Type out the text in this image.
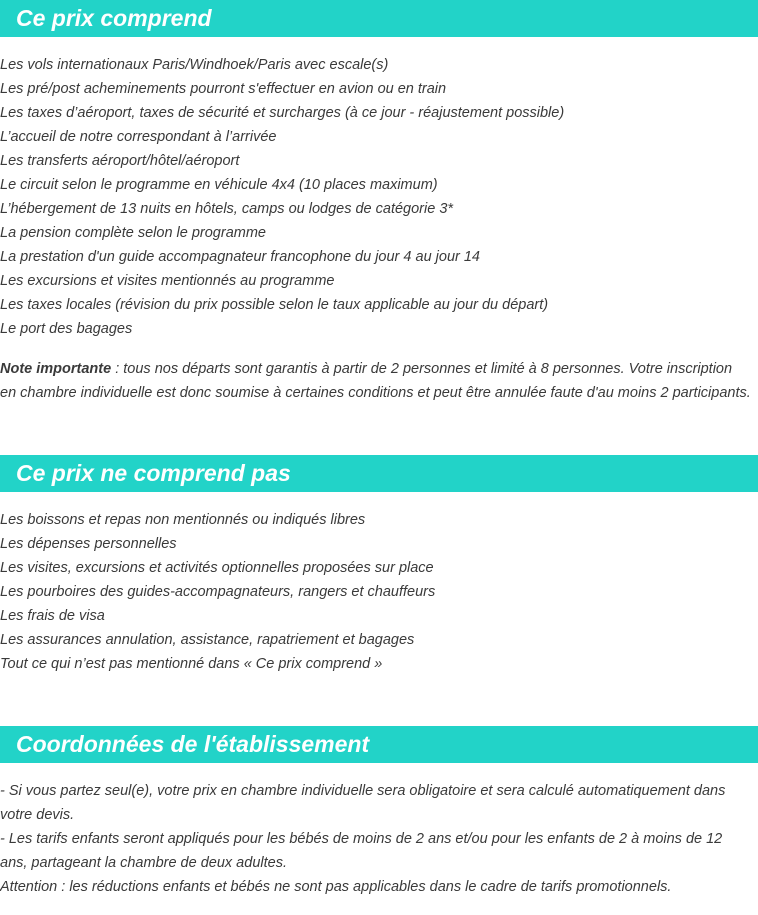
Ce prix comprend
Les vols internationaux Paris/Windhoek/Paris avec escale(s)
Les pré/post acheminements pourront s'effectuer en avion ou en train
Les taxes d’aéroport, taxes de sécurité et surcharges (à ce jour - réajustement possible)
L’accueil de notre correspondant à l’arrivée
Les transferts aéroport/hôtel/aéroport
Le circuit selon le programme en véhicule 4x4 (10 places maximum)
L’hébergement de 13 nuits en hôtels, camps ou lodges de catégorie 3*
La pension complète selon le programme
La prestation d'un guide accompagnateur francophone du jour 4 au jour 14
Les excursions et visites mentionnés au programme
Les taxes locales (révision du prix possible selon le taux applicable au jour du départ)
Le port des bagages

Note importante : tous nos départs sont garantis à partir de 2 personnes et limité à 8 personnes. Votre inscription en chambre individuelle est donc soumise à certaines conditions et peut être annulée faute d'au moins 2 participants.

Ce prix ne comprend pas
Les boissons et repas non mentionnés ou indiqués libres
Les dépenses personnelles
Les visites, excursions et activités optionnelles proposées sur place
Les pourboires des guides-accompagnateurs, rangers et chauffeurs
Les frais de visa
Les assurances annulation, assistance, rapatriement et bagages
Tout ce qui n’est pas mentionné dans « Ce prix comprend »
Coordonnées de l'établissement

- Si vous partez seul(e), votre prix en chambre individuelle sera obligatoire et sera calculé automatiquement dans votre devis.

- Les tarifs enfants seront appliqués pour les bébés de moins de 2 ans et/ou pour les enfants de 2 à moins de 12 ans, partageant la chambre de deux adultes.

Attention : les réductions enfants et bébés ne sont pas applicables dans le cadre de tarifs promotionnels.
